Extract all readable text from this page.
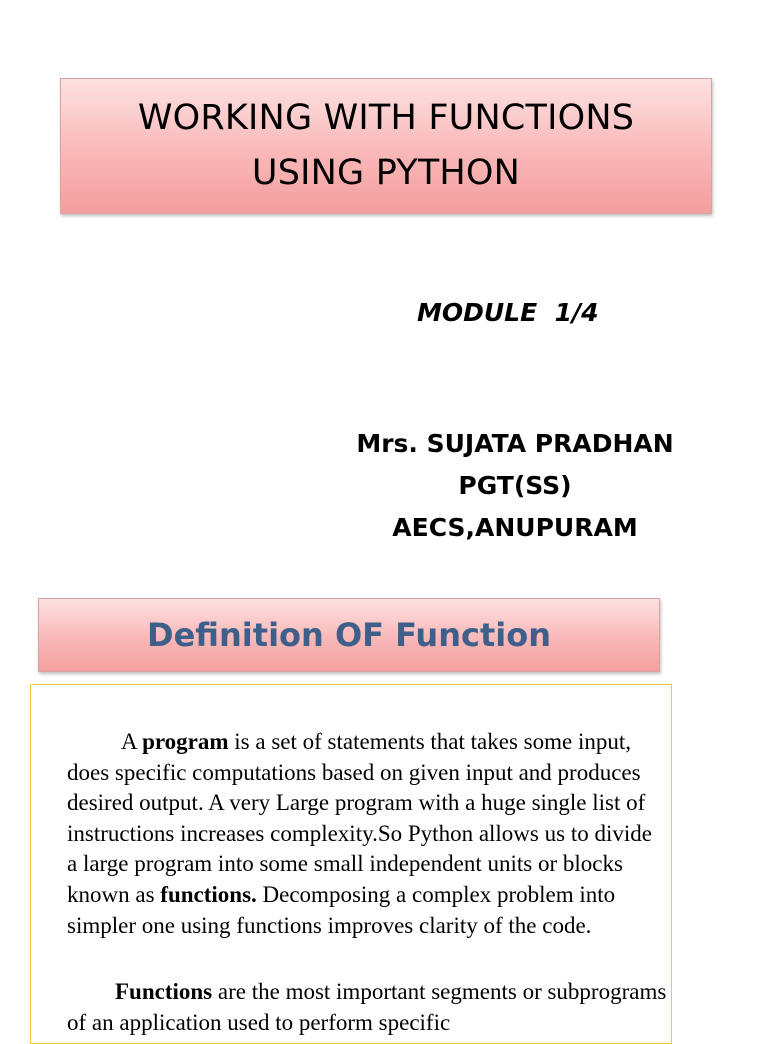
WORKING WITH FUNCTIONS
USING PYTHON
MODULE  1/4
Mrs. SUJATA PRADHAN
PGT(SS)
AECS,ANUPURAM
Definition OF Function

A program is a set of statements that takes some input, does specific computations based on given input and produces desired output. A very Large program with a huge single list of instructions increases complexity.So Python allows us to divide a large program into some small independent units or blocks known as functions. Decomposing a complex problem into simpler one using functions improves clarity of the code.

Functions are the most important segments or subprograms of an application used to perform specific
